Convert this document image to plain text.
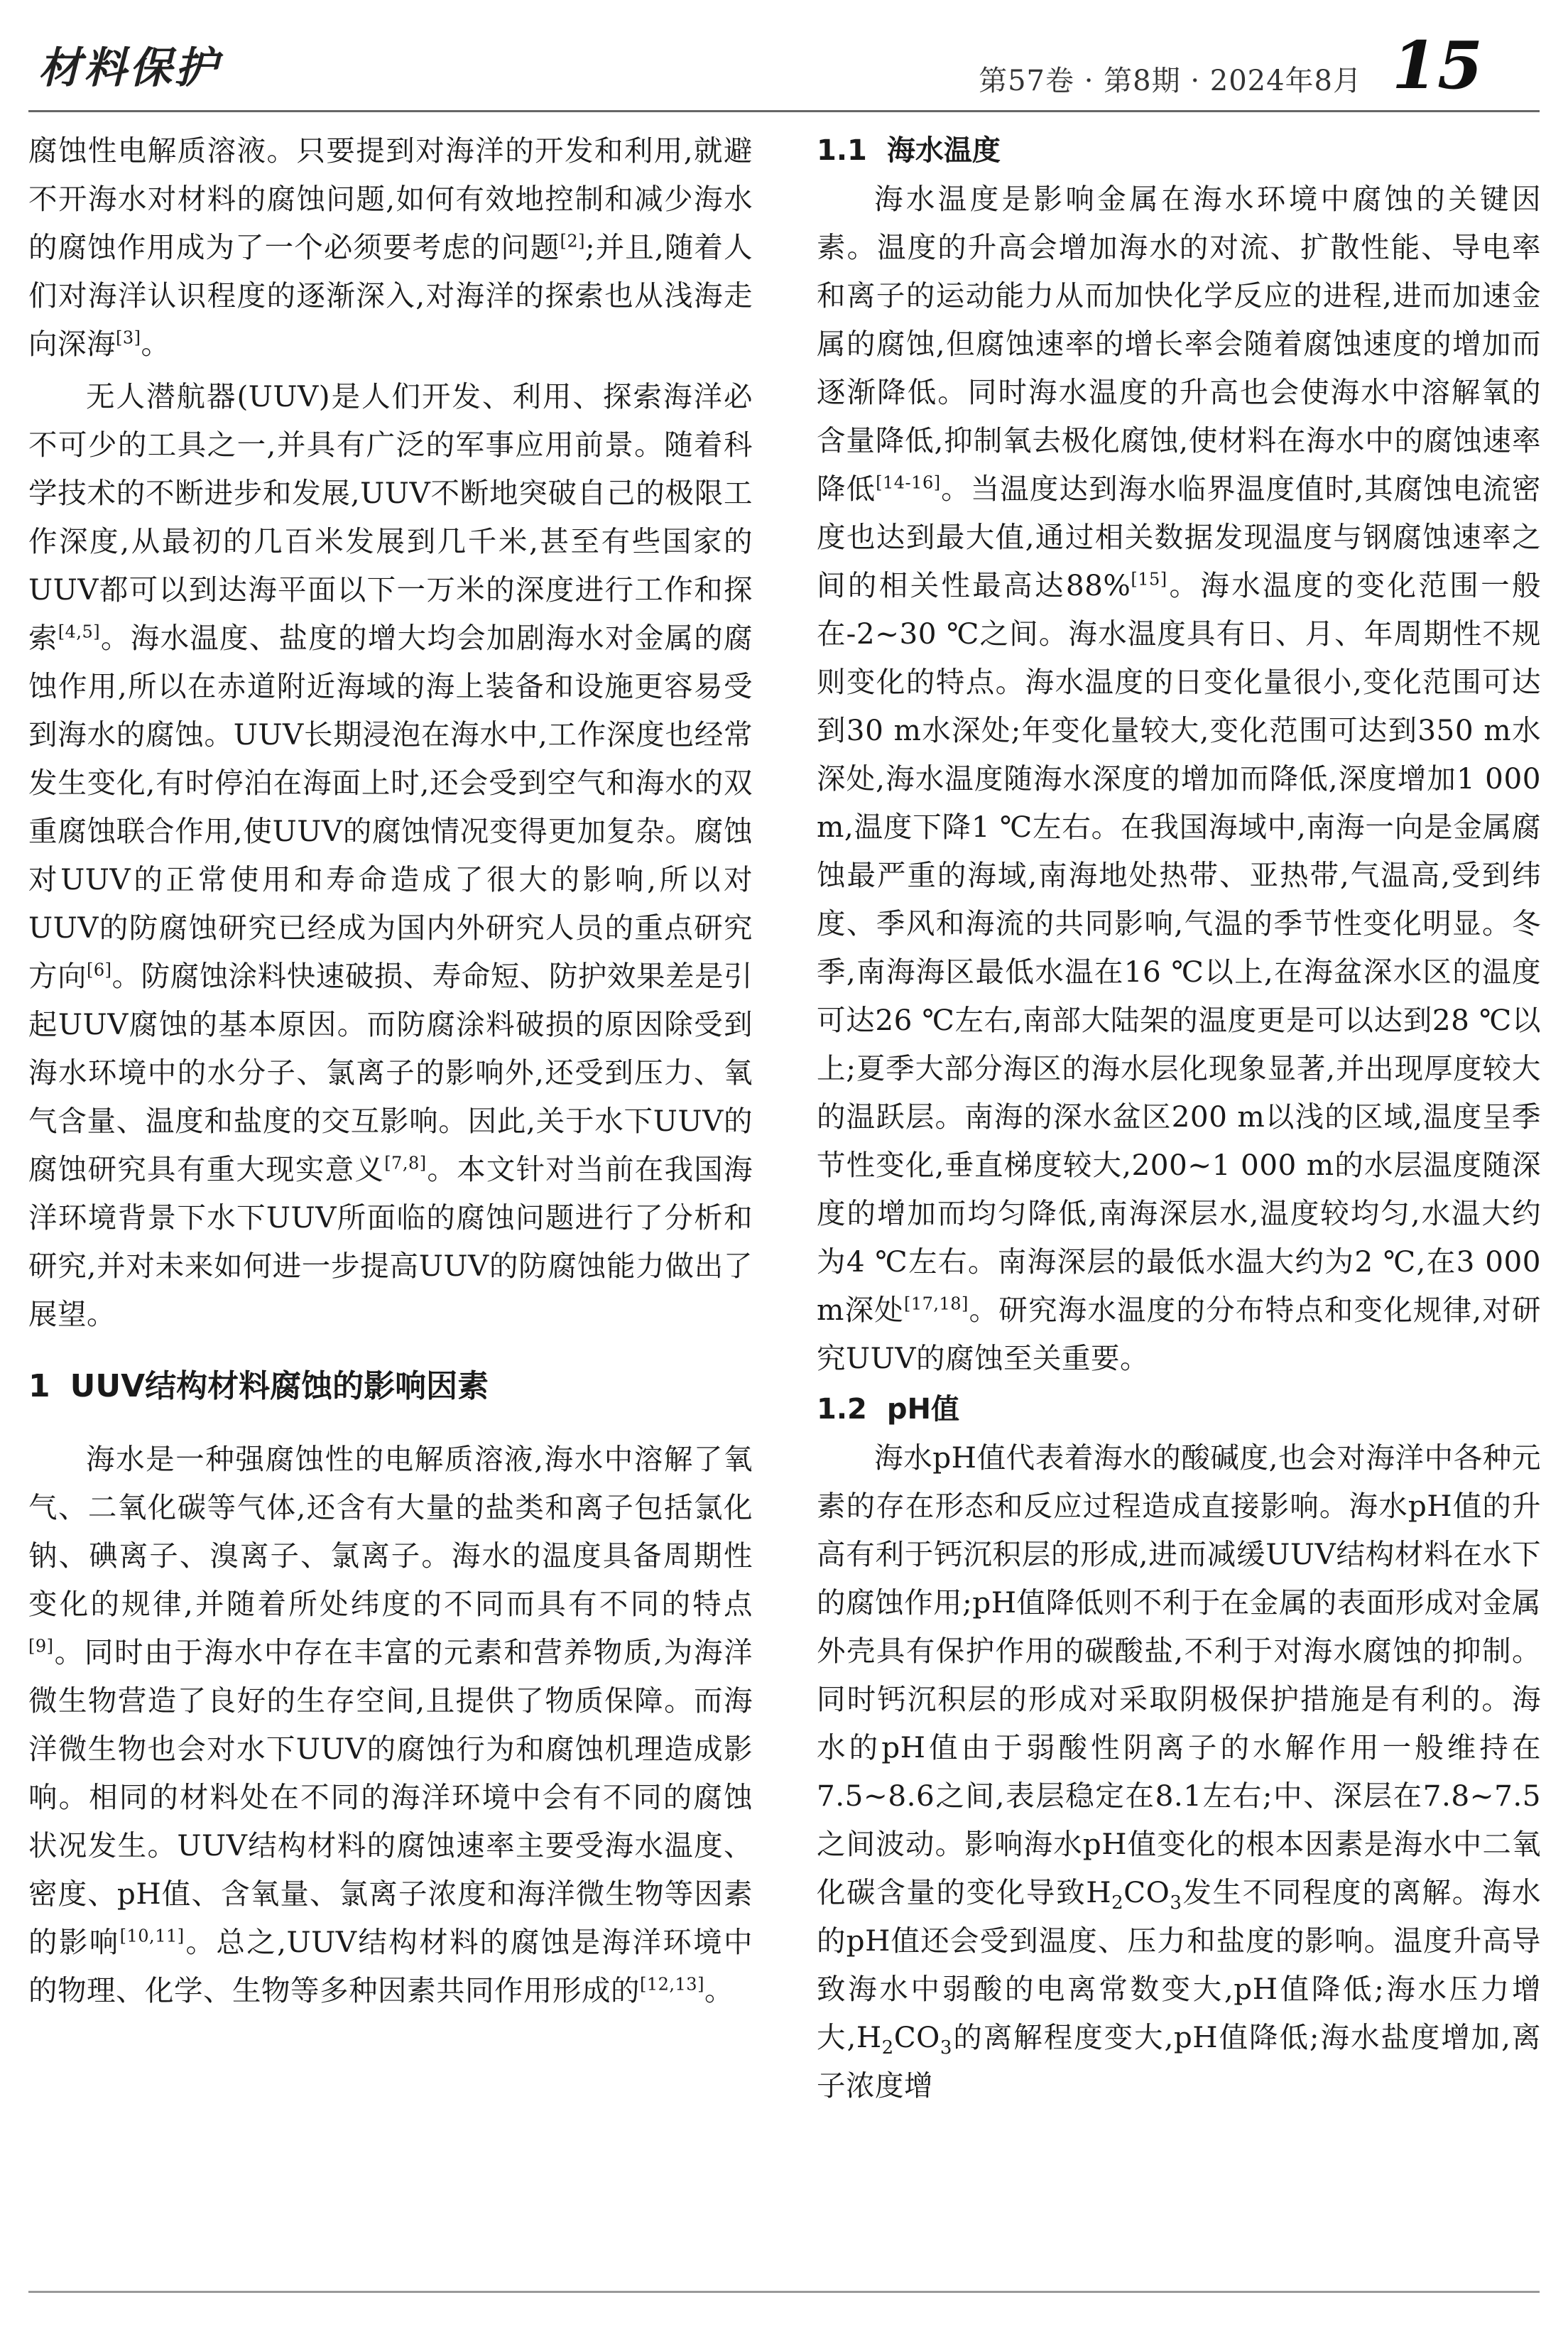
材料保护	第57卷 · 第8期 · 2024年8月 15

腐蚀性电解质溶液。只要提到对海洋的开发和利用,就避不开海水对材料的腐蚀问题,如何有效地控制和减少海水的腐蚀作用成为了一个必须要考虑的问题[2];并且,随着人们对海洋认识程度的逐渐深入,对海洋的探索也从浅海走向深海[3]。

无人潜航器(UUV)是人们开发、利用、探索海洋必不可少的工具之一,并具有广泛的军事应用前景。随着科学技术的不断进步和发展,UUV不断地突破自己的极限工作深度,从最初的几百米发展到几千米,甚至有些国家的UUV都可以到达海平面以下一万米的深度进行工作和探索[4,5]。海水温度、盐度的增大均会加剧海水对金属的腐蚀作用,所以在赤道附近海域的海上装备和设施更容易受到海水的腐蚀。UUV长期浸泡在海水中,工作深度也经常发生变化,有时停泊在海面上时,还会受到空气和海水的双重腐蚀联合作用,使UUV的腐蚀情况变得更加复杂。腐蚀对UUV的正常使用和寿命造成了很大的影响,所以对UUV的防腐蚀研究已经成为国内外研究人员的重点研究方向[6]。防腐蚀涂料快速破损、寿命短、防护效果差是引起UUV腐蚀的基本原因。而防腐涂料破损的原因除受到海水环境中的水分子、氯离子的影响外,还受到压力、氧气含量、温度和盐度的交互影响。因此,关于水下UUV的腐蚀研究具有重大现实意义[7,8]。本文针对当前在我国海洋环境背景下水下UUV所面临的腐蚀问题进行了分析和研究,并对未来如何进一步提高UUV的防腐蚀能力做出了展望。

1 UUV结构材料腐蚀的影响因素

海水是一种强腐蚀性的电解质溶液,海水中溶解了氧气、二氧化碳等气体,还含有大量的盐类和离子包括氯化钠、碘离子、溴离子、氯离子。海水的温度具备周期性变化的规律,并随着所处纬度的不同而具有不同的特点[9]。同时由于海水中存在丰富的元素和营养物质,为海洋微生物营造了良好的生存空间,且提供了物质保障。而海洋微生物也会对水下UUV的腐蚀行为和腐蚀机理造成影响。相同的材料处在不同的海洋环境中会有不同的腐蚀状况发生。UUV结构材料的腐蚀速率主要受海水温度、密度、pH值、含氧量、氯离子浓度和海洋微生物等因素的影响[10,11]。总之,UUV结构材料的腐蚀是海洋环境中的物理、化学、生物等多种因素共同作用形成的[12,13]。

1.1 海水温度

海水温度是影响金属在海水环境中腐蚀的关键因素。温度的升高会增加海水的对流、扩散性能、导电率和离子的运动能力从而加快化学反应的进程,进而加速金属的腐蚀,但腐蚀速率的增长率会随着腐蚀速度的增加而逐渐降低。同时海水温度的升高也会使海水中溶解氧的含量降低,抑制氧去极化腐蚀,使材料在海水中的腐蚀速率降低[14-16]。当温度达到海水临界温度值时,其腐蚀电流密度也达到最大值,通过相关数据发现温度与钢腐蚀速率之间的相关性最高达88%[15]。海水温度的变化范围一般在-2~30 ℃之间。海水温度具有日、月、年周期性不规则变化的特点。海水温度的日变化量很小,变化范围可达到30 m水深处;年变化量较大,变化范围可达到350 m水深处,海水温度随海水深度的增加而降低,深度增加1 000 m,温度下降1 ℃左右。在我国海域中,南海一向是金属腐蚀最严重的海域,南海地处热带、亚热带,气温高,受到纬度、季风和海流的共同影响,气温的季节性变化明显。冬季,南海海区最低水温在16 ℃以上,在海盆深水区的温度可达26 ℃左右,南部大陆架的温度更是可以达到28 ℃以上;夏季大部分海区的海水层化现象显著,并出现厚度较大的温跃层。南海的深水盆区200 m以浅的区域,温度呈季节性变化,垂直梯度较大,200~1 000 m的水层温度随深度的增加而均匀降低,南海深层水,温度较均匀,水温大约为4 ℃左右。南海深层的最低水温大约为2 ℃,在3 000 m深处[17,18]。研究海水温度的分布特点和变化规律,对研究UUV的腐蚀至关重要。

1.2 pH值

海水pH值代表着海水的酸碱度,也会对海洋中各种元素的存在形态和反应过程造成直接影响。海水pH值的升高有利于钙沉积层的形成,进而减缓UUV结构材料在水下的腐蚀作用;pH值降低则不利于在金属的表面形成对金属外壳具有保护作用的碳酸盐,不利于对海水腐蚀的抑制。同时钙沉积层的形成对采取阴极保护措施是有利的。海水的pH值由于弱酸性阴离子的水解作用一般维持在7.5~8.6之间,表层稳定在8.1左右;中、深层在7.8~7.5之间波动。影响海水pH值变化的根本因素是海水中二氧化碳含量的变化导致$H_2CO_3$发生不同程度的离解。海水的pH值还会受到温度、压力和盐度的影响。温度升高导致海水中弱酸的电离常数变大,pH值降低;海水压力增大$,H_2CO_3$的离解程度变大,pH值降低;海水盐度增加,离子浓度增
